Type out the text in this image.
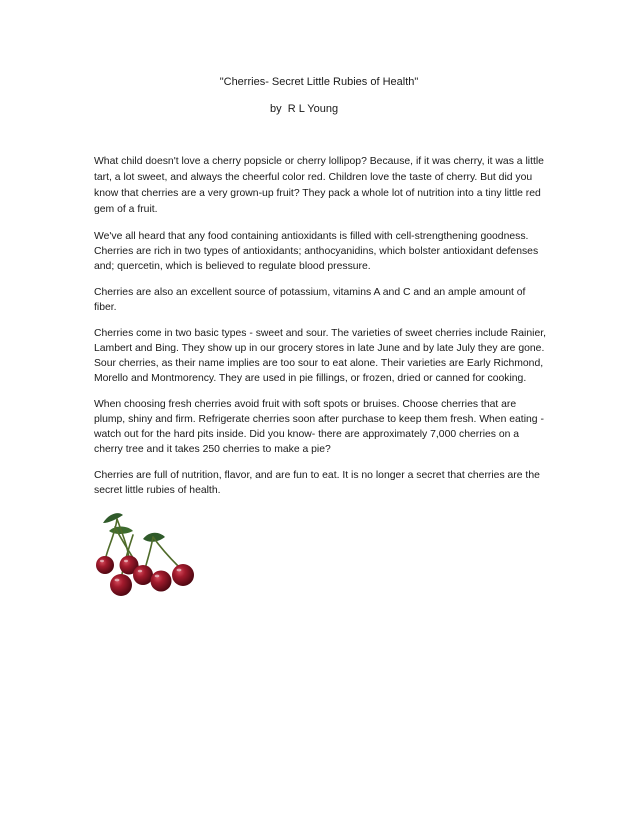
"Cherries- Secret Little Rubies of Health"

by  R L Young

What child doesn't love a cherry popsicle or cherry lollipop? Because, if it was cherry, it was a little tart, a lot sweet, and always the cheerful color red. Children love the taste of cherry. But did you know that cherries are a very grown-up fruit? They pack a whole lot of nutrition into a tiny little red gem of a fruit.

We've all heard that any food containing antioxidants is filled with cell-strengthening goodness. Cherries are rich in two types of antioxidants; anthocyanidins, which bolster antioxidant defenses and; quercetin, which is believed to regulate blood pressure.

Cherries are also an excellent source of potassium, vitamins A and C and an ample amount of fiber.

Cherries come in two basic types - sweet and sour. The varieties of sweet cherries include Rainier, Lambert and Bing. They show up in our grocery stores in late June and by late July they are gone. Sour cherries, as their name implies are too sour to eat alone. Their varieties are Early Richmond, Morello and Montmorency. They are used in pie fillings, or frozen, dried or canned for cooking.

When choosing fresh cherries avoid fruit with soft spots or bruises. Choose cherries that are plump, shiny and firm. Refrigerate cherries soon after purchase to keep them fresh. When eating - watch out for the hard pits inside. Did you know- there are approximately 7,000 cherries on a cherry tree and it takes 250 cherries to make a pie?

Cherries are full of nutrition, flavor, and are fun to eat. It is no longer a secret that cherries are the secret little rubies of health.
